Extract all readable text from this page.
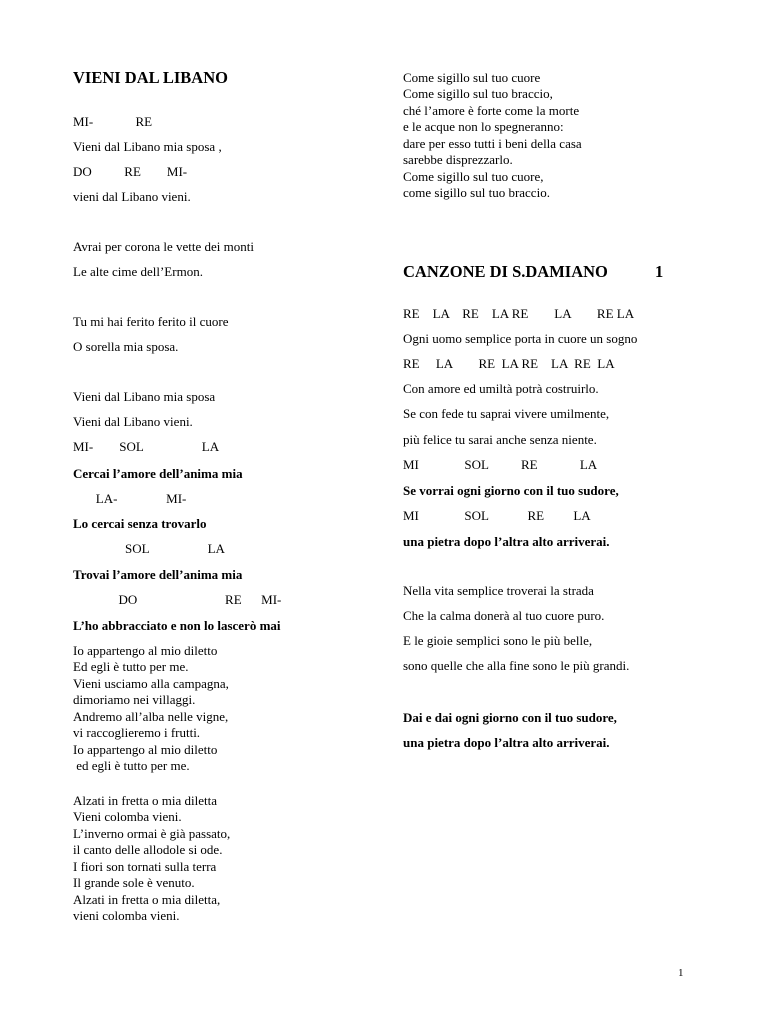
VIENI DAL LIBANO
MI-             RE
Vieni dal Libano mia sposa ,
DO          RE        MI-
vieni dal Libano vieni.
Avrai per corona le vette dei monti
Le alte cime dell’Ermon.
Tu mi hai ferito ferito il cuore
O sorella mia sposa.
Vieni dal Libano mia sposa
Vieni dal Libano vieni.
MI-        SOL                  LA
Cercai l’amore dell’anima mia
LA-               MI-
Lo cercai senza trovarlo
SOL                  LA
Trovai l’amore dell’anima mia
DO                           RE      MI-
L’ho abbracciato e non lo lascerò mai
Io appartengo al mio diletto
Ed egli è tutto per me.
Vieni usciamo alla campagna,
dimoriamo nei villaggi.
Andremo all’alba nelle vigne,
vi raccoglieremo i frutti.
Io appartengo al mio diletto
ed egli è tutto per me.
Alzati in fretta o mia diletta
Vieni colomba vieni.
L’inverno ormai è già passato,
il canto delle allodole si ode.
I fiori son tornati sulla terra
Il grande sole è venuto.
Alzati in fretta o mia diletta,
vieni colomba vieni.
Come sigillo sul tuo cuore
Come sigillo sul tuo braccio,
ché l’amore è forte come la morte
e le acque non lo spegneranno:
dare per esso tutti i beni della casa
sarebbe disprezzarlo.
Come sigillo sul tuo cuore,
come sigillo sul tuo braccio.
CANZONE DI S.DAMIANO	1
RE    LA    RE    LA RE        LA        RE LA
Ogni uomo semplice porta in cuore un sogno
RE     LA        RE  LA RE    LA  RE  LA
Con amore ed umiltà potrà costruirlo.
Se con fede tu saprai vivere umilmente,
più felice tu sarai anche senza niente.
MI              SOL          RE             LA
Se vorrai ogni giorno con il tuo sudore,
MI              SOL            RE         LA
una pietra dopo l’altra alto arriverai.
Nella vita semplice troverai la strada
Che la calma donerà al tuo cuore puro.
E le gioie semplici sono le più belle,
sono quelle che alla fine sono le più grandi.
Dai e dai ogni giorno con il tuo sudore,
una pietra dopo l’altra alto arriverai.
1
